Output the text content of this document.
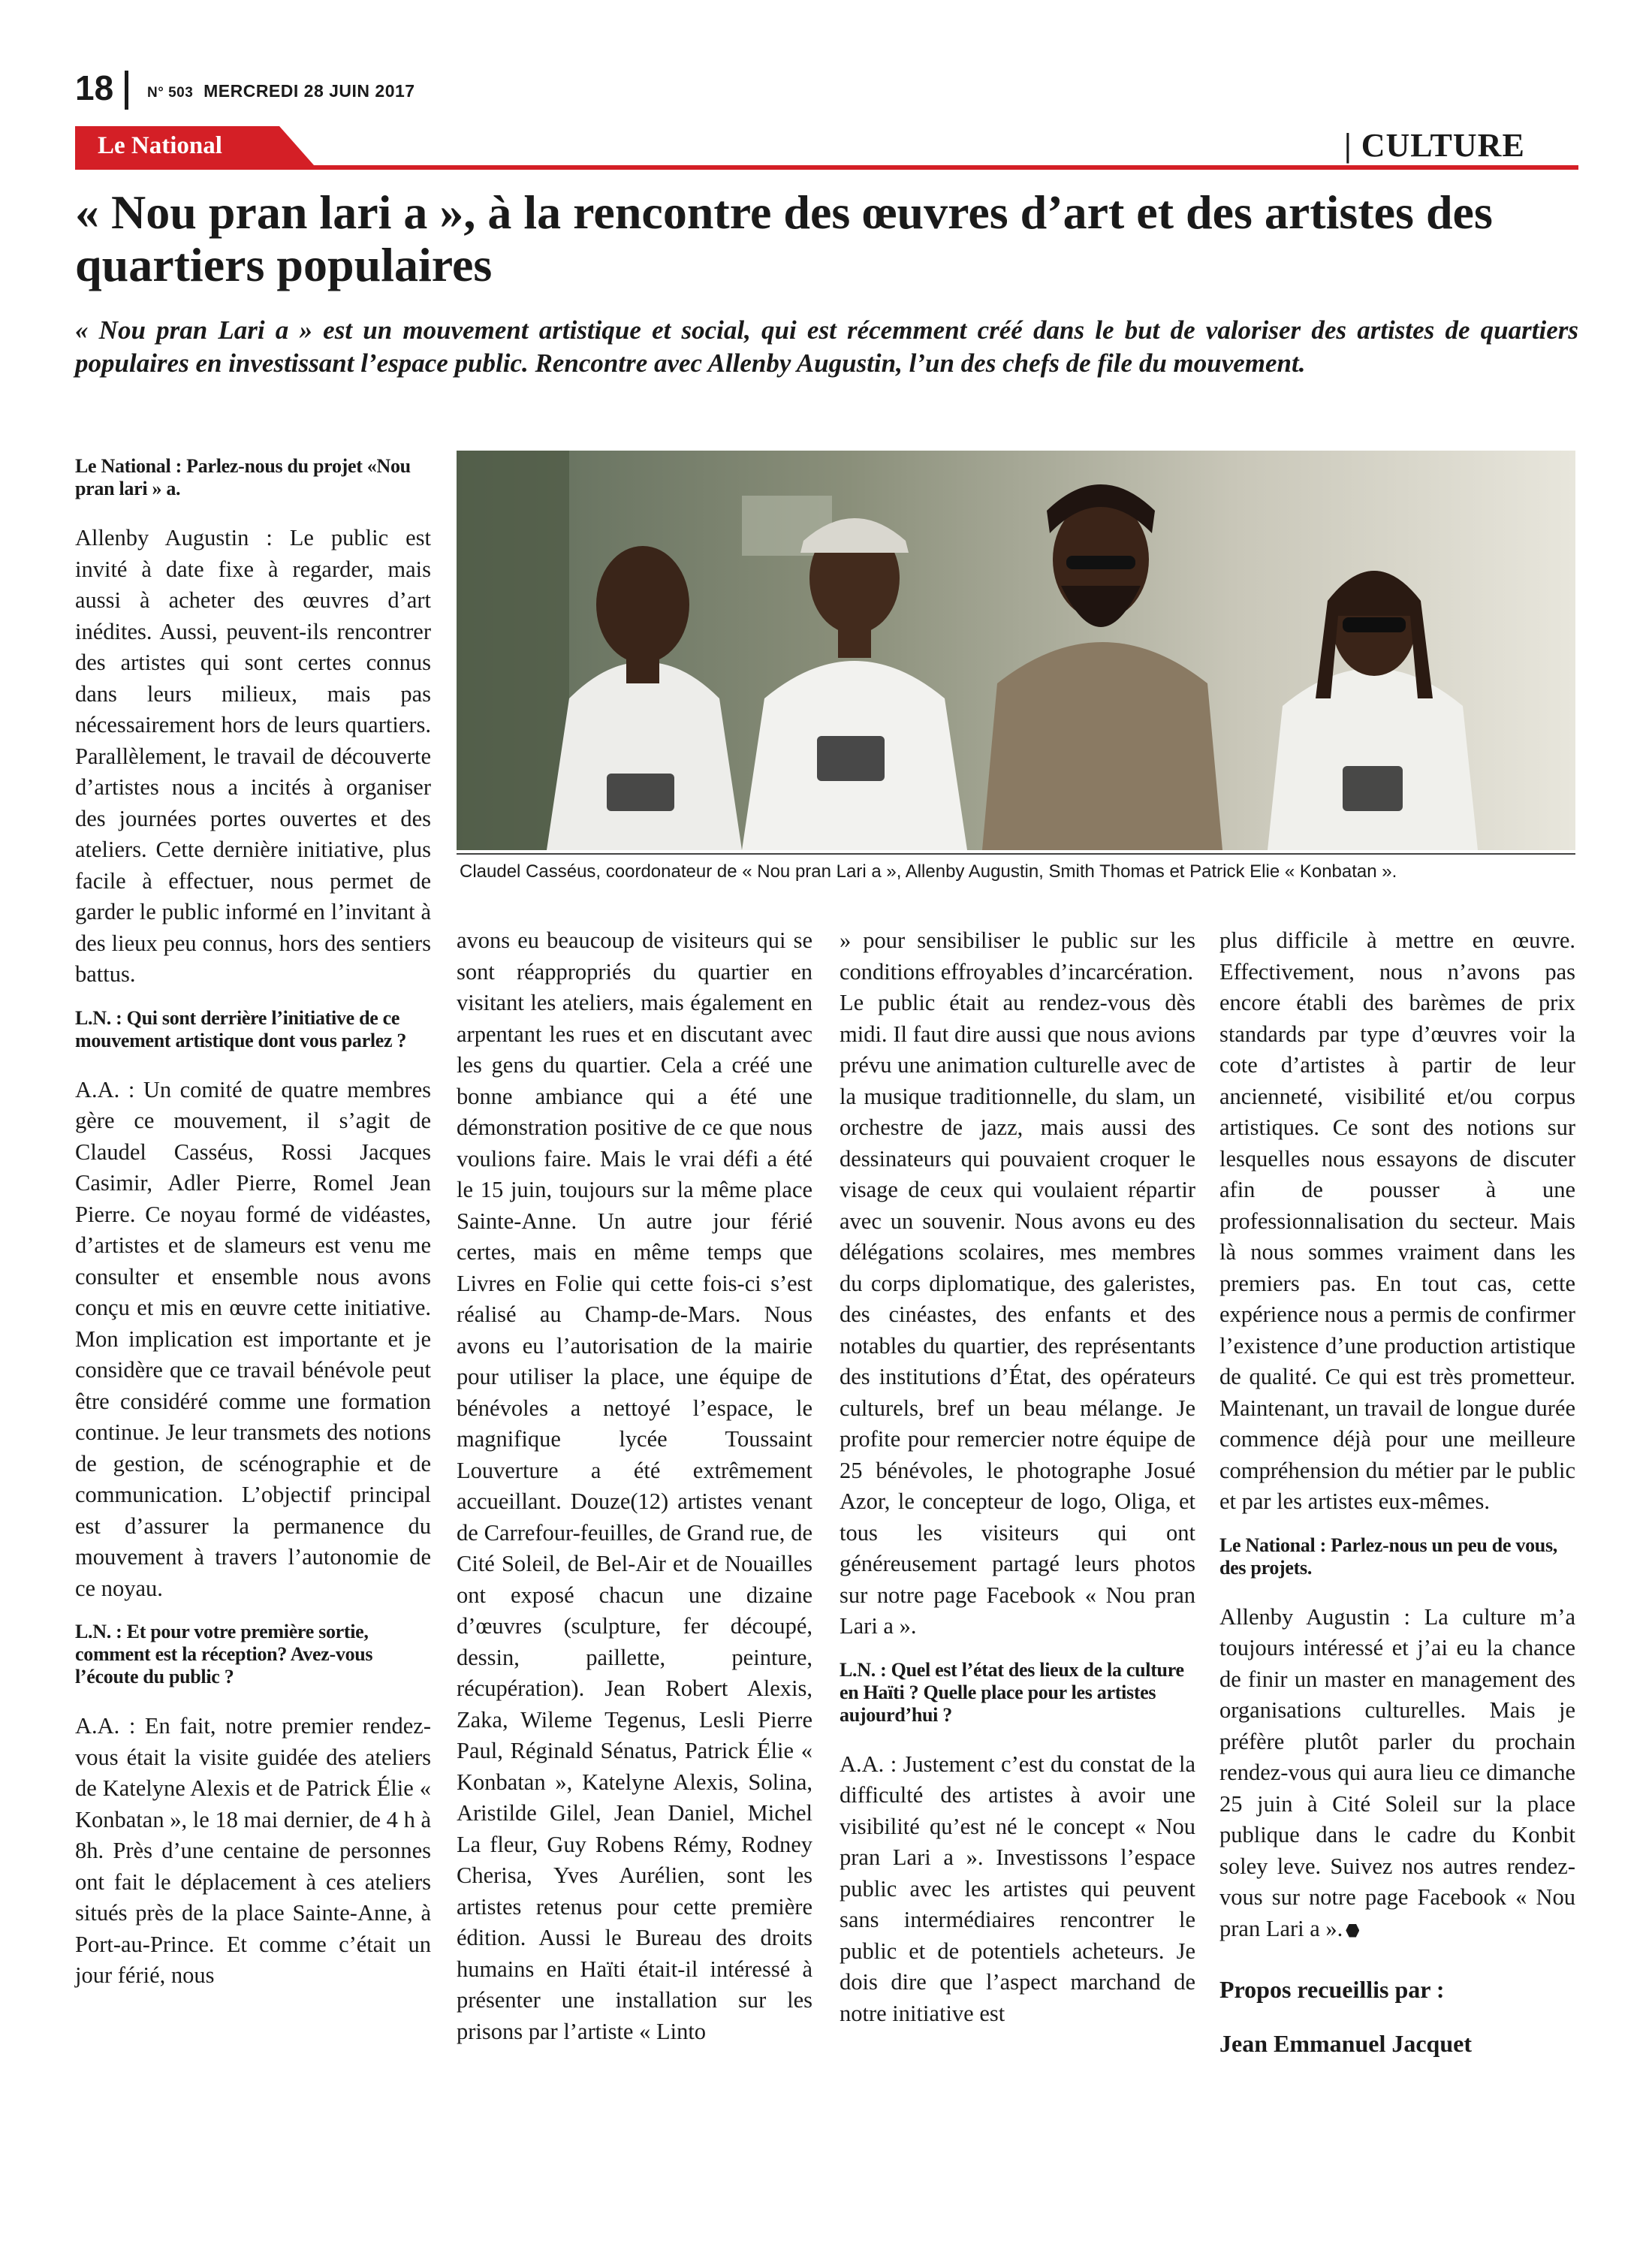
18 N° 503 MERCREDI 28 JUIN 2017
Le National	| CULTURE
« Nou pran lari a », à la rencontre des œuvres d’art et des artistes des quartiers populaires

« Nou pran Lari a » est un mouvement artistique et social, qui est récemment créé dans le but de valoriser des artistes de quartiers populaires en investissant l’espace public. Rencontre avec Allenby Augustin, l’un des chefs de file du mouvement.

Claudel Casséus, coordonateur de « Nou pran Lari a », Allenby Augustin, Smith Thomas et Patrick Elie « Konbatan ».

Le National : Parlez-nous du projet «Nou pran lari » a.

Allenby Augustin : Le public est invité à date fixe à regarder, mais aussi à acheter des œuvres d’art inédites. Aussi, peuvent-ils rencontrer des artistes qui sont certes connus dans leurs milieux, mais pas nécessairement hors de leurs quartiers. Parallèlement, le travail de découverte d’artistes nous a incités à organiser des journées portes ouvertes et des ateliers. Cette dernière initiative, plus facile à effectuer, nous permet de garder le public informé en l’invitant à des lieux peu connus, hors des sentiers battus.

L.N. : Qui sont derrière l’initiative de ce mouvement artistique dont vous parlez ?

A.A. : Un comité de quatre membres gère ce mouvement, il s’agit de Claudel Casséus, Rossi Jacques Casimir, Adler Pierre, Romel Jean Pierre. Ce noyau formé de vidéastes, d’artistes et de slameurs est venu me consulter et ensemble nous avons conçu et mis en œuvre cette initiative. Mon implication est importante et je considère que ce travail bénévole peut être considéré comme une formation continue. Je leur transmets des notions de gestion, de scénographie et de communication. L’objectif principal est d’assurer la permanence du mouvement à travers l’autonomie de ce noyau.

L.N. : Et pour votre première sortie, comment est la réception? Avez-vous l’écoute du public ?

A.A. : En fait, notre premier rendez-vous était la visite guidée des ateliers de Katelyne Alexis et de Patrick Élie « Konbatan », le 18 mai dernier, de 4 h à 8h. Près d’une centaine de personnes ont fait le déplacement à ces ateliers situés près de la place Sainte-Anne, à Port-au-Prince. Et comme c’était un jour férié, nous

avons eu beaucoup de visiteurs qui se sont réappropriés du quartier en visitant les ateliers, mais également en arpentant les rues et en discutant avec les gens du quartier. Cela a créé une bonne ambiance qui a été une démonstration positive de ce que nous voulions faire. Mais le vrai défi a été le 15 juin, toujours sur la même place Sainte-Anne. Un autre jour férié certes, mais en même temps que Livres en Folie qui cette fois-ci s’est réalisé au Champ-de-Mars. Nous avons eu l’autorisation de la mairie pour utiliser la place, une équipe de bénévoles a nettoyé l’espace, le magnifique lycée Toussaint Louverture a été extrêmement accueillant. Douze(12) artistes venant de Carrefour-feuilles, de Grand rue, de Cité Soleil, de Bel-Air et de Nouailles ont exposé chacun une dizaine d’œuvres (sculpture, fer découpé, dessin, paillette, peinture, récupération). Jean Robert Alexis, Zaka, Wileme Tegenus, Lesli Pierre Paul, Réginald Sénatus, Patrick Élie « Konbatan », Katelyne Alexis, Solina, Aristilde Gilel, Jean Daniel, Michel La fleur, Guy Robens Rémy, Rodney Cherisa, Yves Aurélien, sont les artistes retenus pour cette première édition. Aussi le Bureau des droits humains en Haïti était-il intéressé à présenter une installation sur les prisons par l’artiste « Linto

» pour sensibiliser le public sur les conditions effroyables d’incarcération.

Le public était au rendez-vous dès midi. Il faut dire aussi que nous avions prévu une animation culturelle avec de la musique traditionnelle, du slam, un orchestre de jazz, mais aussi des dessinateurs qui pouvaient croquer le visage de ceux qui voulaient répartir avec un souvenir. Nous avons eu des délégations scolaires, mes membres du corps diplomatique, des galeristes, des cinéastes, des enfants et des notables du quartier, des représentants des institutions d’État, des opérateurs culturels, bref un beau mélange. Je profite pour remercier notre équipe de 25 bénévoles, le photographe Josué Azor, le concepteur de logo, Oliga, et tous les visiteurs qui ont généreusement partagé leurs photos sur notre page Facebook « Nou pran Lari a ».

L.N. : Quel est l’état des lieux de la culture en Haïti ? Quelle place pour les artistes aujourd’hui ?

A.A. : Justement c’est du constat de la difficulté des artistes à avoir une visibilité qu’est né le concept « Nou pran Lari a ». Investissons l’espace public avec les artistes qui peuvent sans intermédiaires rencontrer le public et de potentiels acheteurs. Je dois dire que l’aspect marchand de notre initiative est

plus difficile à mettre en œuvre. Effectivement, nous n’avons pas encore établi des barèmes de prix standards par type d’œuvres voir la cote d’artistes à partir de leur ancienneté, visibilité et/ou corpus artistiques. Ce sont des notions sur lesquelles nous essayons de discuter afin de pousser à une professionnalisation du secteur. Mais là nous sommes vraiment dans les premiers pas. En tout cas, cette expérience nous a permis de confirmer l’existence d’une production artistique de qualité. Ce qui est très prometteur. Maintenant, un travail de longue durée commence déjà pour une meilleure compréhension du métier par le public et par les artistes eux-mêmes.

Le National : Parlez-nous un peu de vous, des projets.

Allenby Augustin : La culture m’a toujours intéressé et j’ai eu la chance de finir un master en management des organisations culturelles. Mais je préfère plutôt parler du prochain rendez-vous qui aura lieu ce dimanche 25 juin à Cité Soleil sur la place publique dans le cadre du Konbit soley leve. Suivez nos autres rendez-vous sur notre page Facebook « Nou pran Lari a ».

Propos recueillis par :

Jean Emmanuel Jacquet
